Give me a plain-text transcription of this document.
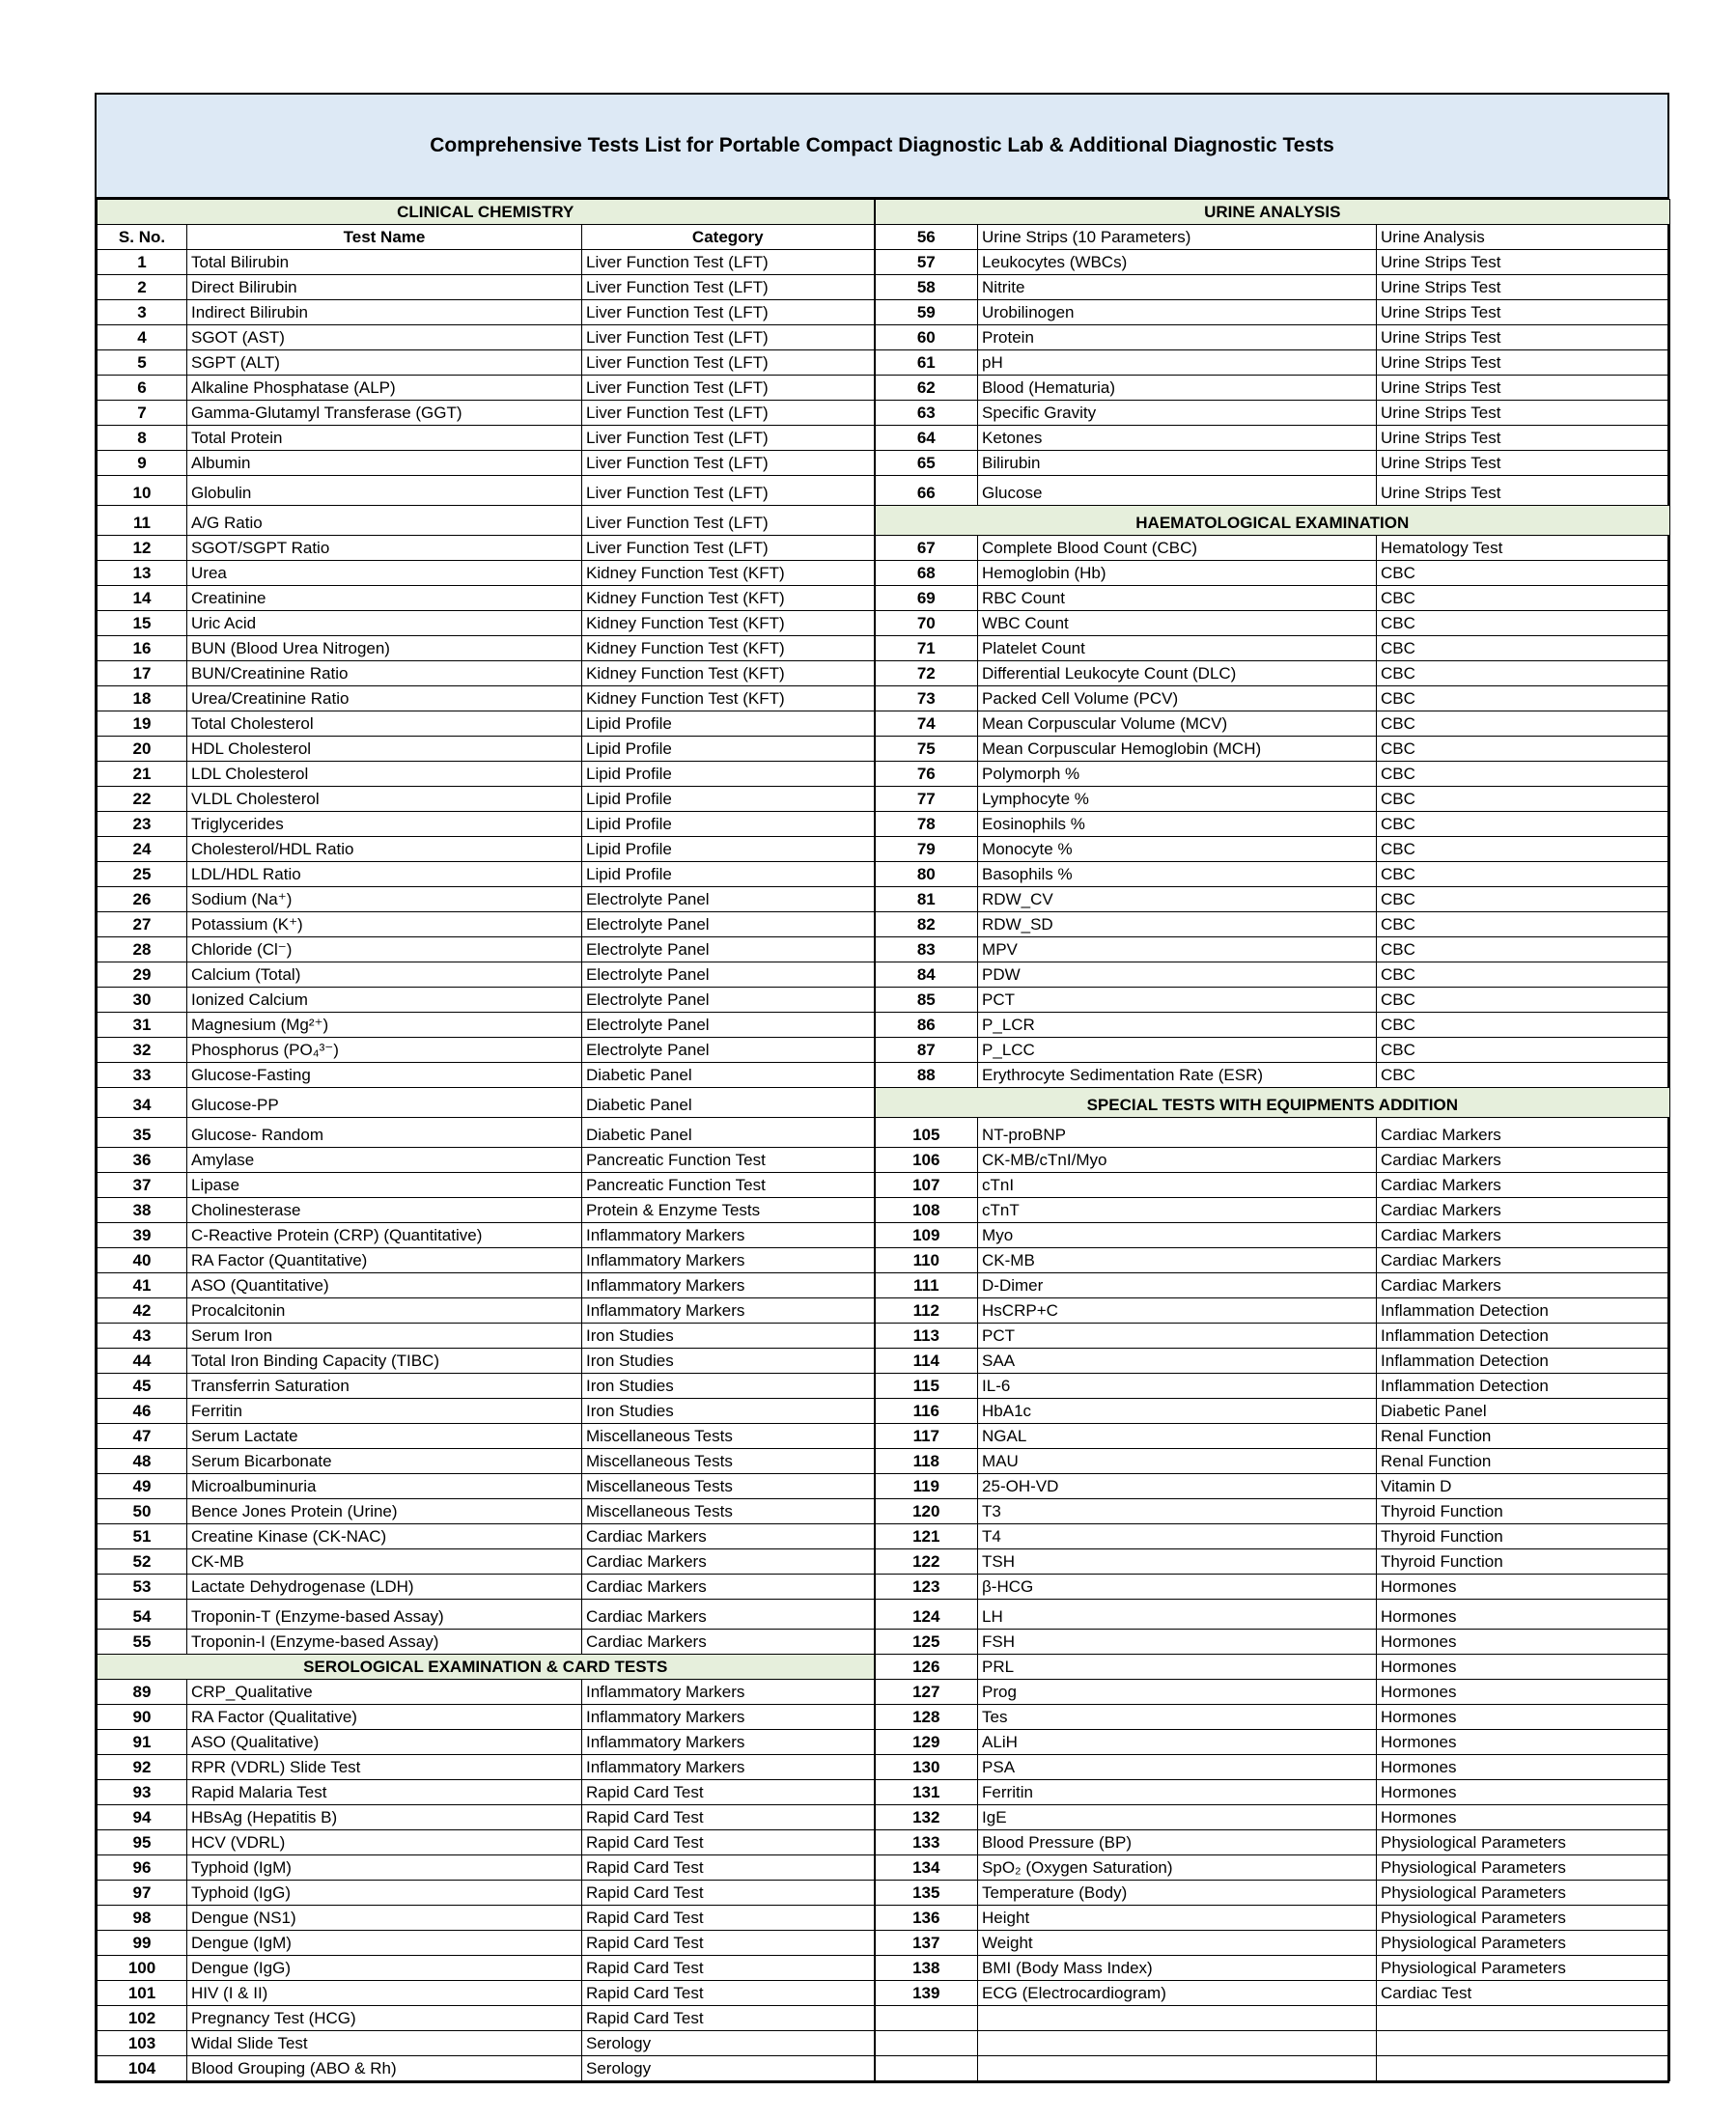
Comprehensive Tests List for Portable Compact Diagnostic Lab & Additional Diagnostic Tests
CLINICAL CHEMISTRY			URINE ANALYSIS		
S. No.	Test Name	Category	56	Urine Strips (10 Parameters)	Urine Analysis
1	Total Bilirubin	Liver Function Test (LFT)	57	Leukocytes (WBCs)	Urine Strips Test
2	Direct Bilirubin	Liver Function Test (LFT)	58	Nitrite	Urine Strips Test
3	Indirect Bilirubin	Liver Function Test (LFT)	59	Urobilinogen	Urine Strips Test
4	SGOT (AST)	Liver Function Test (LFT)	60	Protein	Urine Strips Test
5	SGPT (ALT)	Liver Function Test (LFT)	61	pH	Urine Strips Test
6	Alkaline Phosphatase (ALP)	Liver Function Test (LFT)	62	Blood (Hematuria)	Urine Strips Test
7	Gamma-Glutamyl Transferase (GGT)	Liver Function Test (LFT)	63	Specific Gravity	Urine Strips Test
8	Total Protein	Liver Function Test (LFT)	64	Ketones	Urine Strips Test
9	Albumin	Liver Function Test (LFT)	65	Bilirubin	Urine Strips Test
10	Globulin	Liver Function Test (LFT)	66	Glucose	Urine Strips Test
11	A/G Ratio	Liver Function Test (LFT)	HAEMATOLOGICAL EXAMINATION		
12	SGOT/SGPT Ratio	Liver Function Test (LFT)	67	Complete Blood Count (CBC)	Hematology Test
13	Urea	Kidney Function Test (KFT)	68	Hemoglobin (Hb)	CBC
14	Creatinine	Kidney Function Test (KFT)	69	RBC Count	CBC
15	Uric Acid	Kidney Function Test (KFT)	70	WBC Count	CBC
16	BUN (Blood Urea Nitrogen)	Kidney Function Test (KFT)	71	Platelet Count	CBC
17	BUN/Creatinine Ratio	Kidney Function Test (KFT)	72	Differential Leukocyte Count (DLC)	CBC
18	Urea/Creatinine Ratio	Kidney Function Test (KFT)	73	Packed Cell Volume (PCV)	CBC
19	Total Cholesterol	Lipid Profile	74	Mean Corpuscular Volume (MCV)	CBC
20	HDL Cholesterol	Lipid Profile	75	Mean Corpuscular Hemoglobin (MCH)	CBC
21	LDL Cholesterol	Lipid Profile	76	Polymorph %	CBC
22	VLDL Cholesterol	Lipid Profile	77	Lymphocyte %	CBC
23	Triglycerides	Lipid Profile	78	Eosinophils %	CBC
24	Cholesterol/HDL Ratio	Lipid Profile	79	Monocyte %	CBC
25	LDL/HDL Ratio	Lipid Profile	80	Basophils %	CBC
26	Sodium (Na⁺)	Electrolyte Panel	81	RDW_CV	CBC
27	Potassium (K⁺)	Electrolyte Panel	82	RDW_SD	CBC
28	Chloride (Cl⁻)	Electrolyte Panel	83	MPV	CBC
29	Calcium (Total)	Electrolyte Panel	84	PDW	CBC
30	Ionized Calcium	Electrolyte Panel	85	PCT	CBC
31	Magnesium (Mg²⁺)	Electrolyte Panel	86	P_LCR	CBC
32	Phosphorus (PO₄³⁻)	Electrolyte Panel	87	P_LCC	CBC
33	Glucose-Fasting	Diabetic Panel	88	Erythrocyte Sedimentation Rate (ESR)	CBC
34	Glucose-PP	Diabetic Panel	SPECIAL TESTS WITH EQUIPMENTS ADDITION		
35	Glucose- Random	Diabetic Panel	105	NT-proBNP	Cardiac Markers
36	Amylase	Pancreatic Function Test	106	CK-MB/cTnI/Myo	Cardiac Markers
37	Lipase	Pancreatic Function Test	107	cTnI	Cardiac Markers
38	Cholinesterase	Protein & Enzyme Tests	108	cTnT	Cardiac Markers
39	C-Reactive Protein (CRP) (Quantitative)	Inflammatory Markers	109	Myo	Cardiac Markers
40	RA Factor (Quantitative)	Inflammatory Markers	110	CK-MB	Cardiac Markers
41	ASO (Quantitative)	Inflammatory Markers	111	D-Dimer	Cardiac Markers
42	Procalcitonin	Inflammatory Markers	112	HsCRP+C	Inflammation Detection
43	Serum Iron	Iron Studies	113	PCT	Inflammation Detection
44	Total Iron Binding Capacity (TIBC)	Iron Studies	114	SAA	Inflammation Detection
45	Transferrin Saturation	Iron Studies	115	IL-6	Inflammation Detection
46	Ferritin	Iron Studies	116	HbA1c	Diabetic Panel
47	Serum Lactate	Miscellaneous Tests	117	NGAL	Renal Function
48	Serum Bicarbonate	Miscellaneous Tests	118	MAU	Renal Function
49	Microalbuminuria	Miscellaneous Tests	119	25-OH-VD	Vitamin D
50	Bence Jones Protein (Urine)	Miscellaneous Tests	120	T3	Thyroid Function
51	Creatine Kinase (CK-NAC)	Cardiac Markers	121	T4	Thyroid Function
52	CK-MB	Cardiac Markers	122	TSH	Thyroid Function
53	Lactate Dehydrogenase (LDH)	Cardiac Markers	123	β-HCG	Hormones
54	Troponin-T (Enzyme-based Assay)	Cardiac Markers	124	LH	Hormones
55	Troponin-I (Enzyme-based Assay)	Cardiac Markers	125	FSH	Hormones
SEROLOGICAL EXAMINATION & CARD TESTS			126	PRL	Hormones
89	CRP_Qualitative	Inflammatory Markers	127	Prog	Hormones
90	RA Factor (Qualitative)	Inflammatory Markers	128	Tes	Hormones
91	ASO (Qualitative)	Inflammatory Markers	129	ALiH	Hormones
92	RPR (VDRL) Slide Test	Inflammatory Markers	130	PSA	Hormones
93	Rapid Malaria Test	Rapid Card Test	131	Ferritin	Hormones
94	HBsAg (Hepatitis B)	Rapid Card Test	132	IgE	Hormones
95	HCV (VDRL)	Rapid Card Test	133	Blood Pressure (BP)	Physiological Parameters
96	Typhoid (IgM)	Rapid Card Test	134	SpO₂ (Oxygen Saturation)	Physiological Parameters
97	Typhoid (IgG)	Rapid Card Test	135	Temperature (Body)	Physiological Parameters
98	Dengue (NS1)	Rapid Card Test	136	Height	Physiological Parameters
99	Dengue (IgM)	Rapid Card Test	137	Weight	Physiological Parameters
100	Dengue (IgG)	Rapid Card Test	138	BMI (Body Mass Index)	Physiological Parameters
101	HIV (I & II)	Rapid Card Test	139	ECG (Electrocardiogram)	Cardiac Test
102	Pregnancy Test (HCG)	Rapid Card Test			
103	Widal Slide Test	Serology			
104	Blood Grouping (ABO & Rh)	Serology			
